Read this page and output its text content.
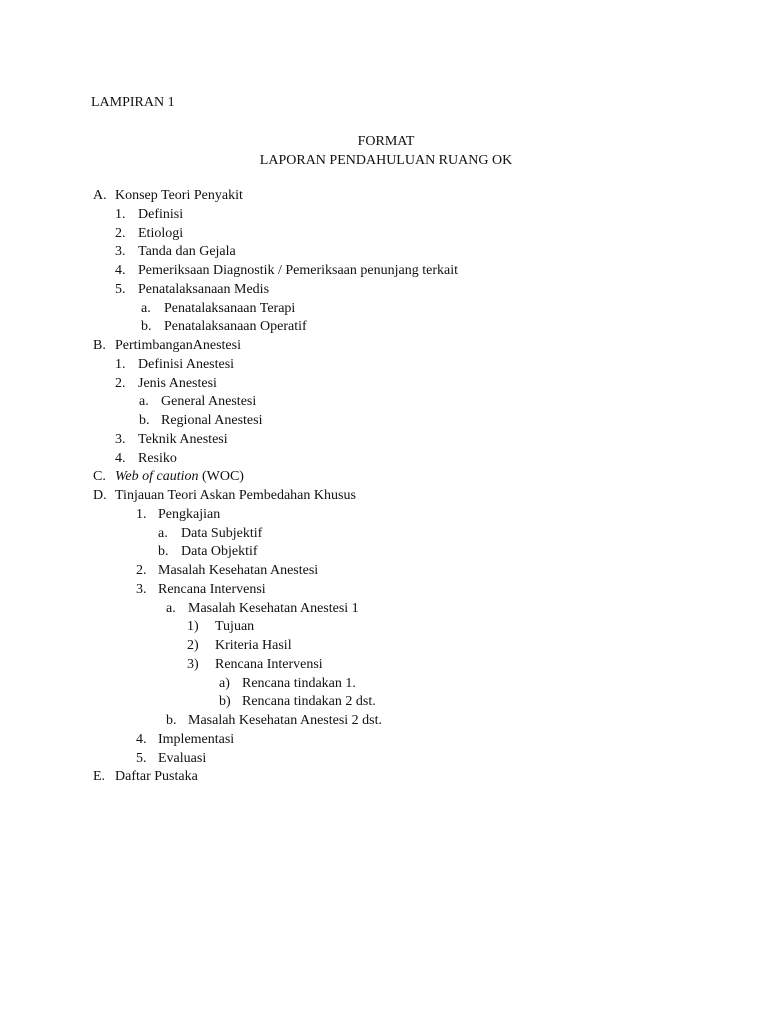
LAMPIRAN 1
FORMAT
LAPORAN PENDAHULUAN RUANG OK
A. Konsep Teori Penyakit
1. Definisi
2. Etiologi
3. Tanda dan Gejala
4. Pemeriksaan Diagnostik / Pemeriksaan penunjang terkait
5. Penatalaksanaan Medis
a. Penatalaksanaan Terapi
b. Penatalaksanaan Operatif
B. PertimbanganAnestesi
1. Definisi Anestesi
2. Jenis Anestesi
a. General Anestesi
b. Regional Anestesi
3. Teknik Anestesi
4. Resiko
C. Web of caution (WOC)
D. Tinjauan Teori Askan Pembedahan Khusus
1. Pengkajian
a. Data Subjektif
b. Data Objektif
2. Masalah Kesehatan Anestesi
3. Rencana Intervensi
a. Masalah Kesehatan Anestesi 1
1) Tujuan
2) Kriteria Hasil
3) Rencana Intervensi
a) Rencana tindakan 1.
b) Rencana tindakan 2 dst.
b. Masalah Kesehatan Anestesi 2 dst.
4. Implementasi
5. Evaluasi
E. Daftar Pustaka
